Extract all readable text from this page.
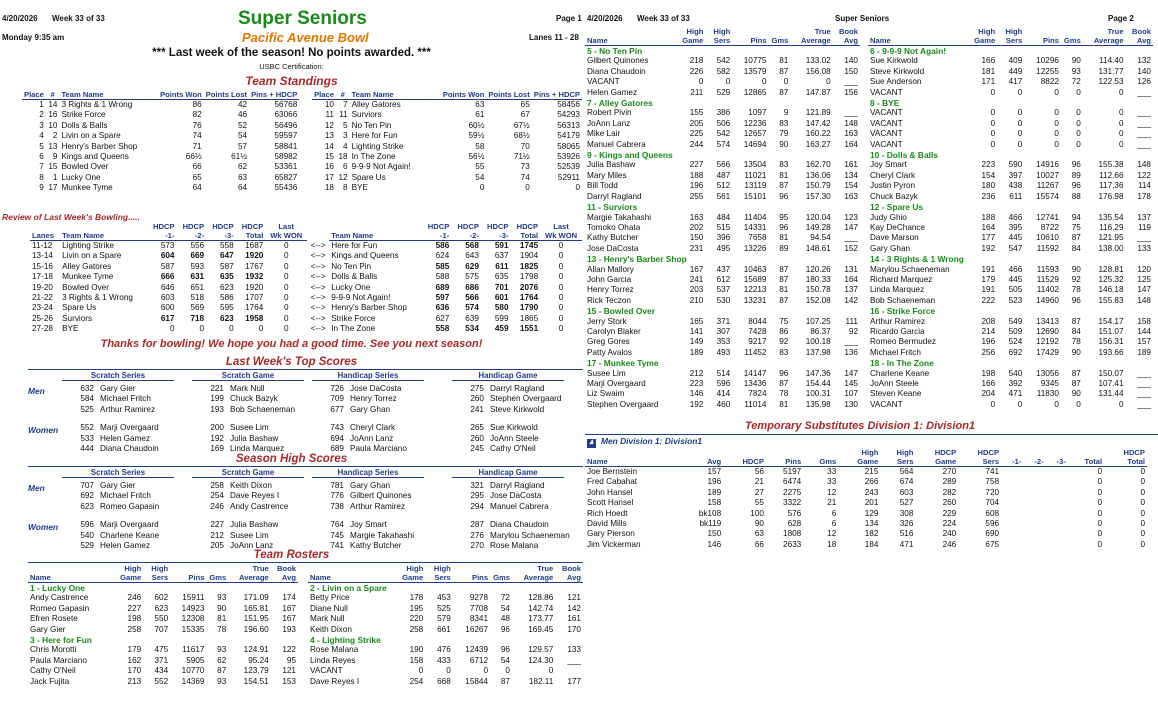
4/20/2026 Week 33 of 33	Super Seniors	Page 1
Monday 9:35 am	Pacific Avenue Bowl	Lanes 11 - 28
*** Last week of the season! No points awarded. ***
USBC Certification:
Team Standings
Place	#	Team Name	Points Won	Points Lost	Pins + HDCP		Place	#	Team Name	Points Won	Points Lost	Pins + HDCP
1	14	3 Rights & 1 Wrong	86	42	56768		10	7	Alley Gatores	63	65	58456
2	16	Strike Force	82	46	63066		11	11	Surviors	61	67	54293
3	10	Dolls & Balls	76	52	56496		12	5	No Ten Pin	60½	67½	56313
4	2	Livin on a Spare	74	54	59597		13	3	Here for Fun	59½	68½	54179
5	13	Henry's Barber Shop	71	57	58841		14	4	Lighting Strike	58	70	58065
6	9	Kings and Queens	66½	61½	58982		15	18	In The Zone	56½	71½	53926
7	15	Bowled Over	66	62	53361		16	6	9-9-9 Not Again!	55	73	52539
8	1	Lucky One	65	63	65827		17	12	Spare Us	54	74	52911
9	17	Munkee Tyme	64	64	55436		18	8	BYE	0	0	0
Review of Last Week's Bowling.....
Lanes	Team Name	HDCP
-1-	HDCP
-2-	HDCP
-3-	HDCP
Total	Last
Wk WON		Team Name	HDCP
-1-	HDCP
-2-	HDCP
-3-	HDCP
Total	Last
Wk WON
11-12	Lighting Strike	573	556	558	1687	0	<-->	Here for Fun	586	568	591	1745	0
13-14	Livin on a Spare	604	669	647	1920	0	<-->	Kings and Queens	624	643	637	1904	0
15-16	Alley Gatores	587	593	587	1767	0	<-->	No Ten Pin	585	629	611	1825	0
17-18	Munkee Tyme	666	631	635	1932	0	<-->	Dolls & Balls	588	575	635	1798	0
19-20	Bowled Over	646	651	623	1920	0	<-->	Lucky One	689	686	701	2076	0
21-22	3 Rights & 1 Wrong	603	518	586	1707	0	<-->	9-9-9 Not Again!	597	566	601	1764	0
23-24	Spare Us	600	569	595	1764	0	<-->	Henry's Barber Shop	636	574	580	1790	0
25-26	Surviors	617	718	623	1958	0	<-->	Strike Force	627	639	599	1865	0
27-28	BYE	0	0	0	0	0	<-->	In The Zone	558	534	459	1551	0
Thanks for bowling! We hope you had a good time. See you next season!
Last Week's Top Scores
Scratch Series	Scratch Game	Handicap Series	Handicap Game
Men	632 Gary Gier	221 Mark Null	726 Jose DaCosta	275 Darryl Ragland
584 Michael Fritch	199 Chuck Bazyk	709 Henry Torrez	260 Stephen Overgaard
525 Arthur Ramirez	193 Bob Schaeneman	677 Gary Ghan	241 Steve Kirkwold
Women	552 Marji Overgaard	200 Susee Lim	743 Cheryl Clark	265 Sue Kirkwold
533 Helen Gamez	192 Julia Bashaw	694 JoAnn Lanz	260 JoAnn Steele
444 Diana Chaudoin	169 Linda Marquez	689 Paula Marciano	245 Cathy O'Neil
Season High Scores
Scratch Series	Scratch Game	Handicap Series	Handicap Game
Men	707 Gary Gier	258 Keith Dixon	781 Gary Ghan	321 Darryl Ragland
692 Michael Fritch	254 Dave Reyes I	776 Gilbert Quinones	295 Jose DaCosta
623 Romeo Gapasin	246 Andy Castrence	738 Arthur Ramirez	294 Manuel Cabrera
Women	596 Marji Overgaard	227 Julia Bashaw	764 Joy Smart	287 Diana Chaudoin
540 Charlene Keane	212 Susee Lim	745 Margie Takahashi	276 Marylou Schaeneman
529 Helen Gamez	205 JoAnn Lanz	741 Kathy Butcher	270 Rose Malana
Team Rosters
Name	High
Game	High
Sers	Pins	Gms	True
Average	Book
Avg
1 - Lucky One						
Andy Castrence	246	602	15911	93	171.09	174
Romeo Gapasin	227	623	14923	90	165.81	167
Efren Rosete	198	550	12308	81	151.95	167
Gary Gier	258	707	15335	78	196.60	193
3 - Here for Fun						
Chris Morotti	179	475	11617	93	124.91	122
Paula Marciano	162	371	5905	62	95.24	95
Cathy O'Neil	170	434	10770	87	123.79	121
Jack Fujita	213	552	14369	93	154.51	153
Name	High
Game	High
Sers	Pins	Gms	True
Average	Book
Avg
2 - Livin on a Spare						
Betty Price	178	453	9278	72	128.86	121
Diane Null	195	525	7708	54	142.74	142
Mark Null	220	579	8341	48	173.77	161
Keith Dixon	258	661	16267	96	169.45	170
4 - Lighting Strike						
Rose Malana	190	476	12439	96	129.57	133
Linda Reyes	158	433	6712	54	124.30	___
VACANT	0	0	0	0	0	
Dave Reyes I	254	668	15844	87	182.11	177
4/20/2026 Week 33 of 33	Super Seniors	Page 2
Name	High
Game	High
Sers	Pins	Gms	True
Average	Book
Avg
5 - No Ten Pin						
Gilbert Quinones	218	542	10775	81	133.02	140
Diana Chaudoin	226	582	13579	87	156.08	150
VACANT	0	0	0	0	0	___
Helen Gamez	211	529	12865	87	147.87	156
7 - Alley Gatores						
Robert Pivin	155	386	1097	9	121.89	___
JoAnn Lanz	205	506	12236	83	147.42	148
Mike Lair	225	542	12657	79	160.22	163
Manuel Cabrera	244	574	14694	90	163.27	164
9 - Kings and Queens						
Julia Bashaw	227	566	13504	83	162.70	161
Mary Miles	188	487	11021	81	136.06	134
Bill Todd	196	512	13119	87	150.79	154
Darryl Ragland	255	561	15101	96	157.30	163
11 - Surviors						
Margie Takahashi	163	484	11404	95	120.04	123
Tomoko Ohata	202	515	14331	96	149.28	147
Kathy Butcher	150	396	7658	81	94.54	___
Jose DaCosta	231	495	13226	89	148.61	152
13 - Henry's Barber Shop						
Allan Mallory	167	437	10463	87	120.26	131
John Garcia	241	612	15689	87	180.33	164
Henry Torrez	203	537	12213	81	150.78	137
Rick Teczon	210	530	13231	87	152.08	142
15 - Bowled Over						
Jerry Stork	165	371	8044	75	107.25	111
Carolyn Blaker	141	307	7428	86	86.37	92
Greg Gores	149	353	9217	92	100.18	___
Patty Avalos	189	493	11452	83	137.98	136
17 - Munkee Tyme						
Susee Lim	212	514	14147	96	147.36	147
Marji Overgaard	223	596	13436	87	154.44	145
Liz Swaim	146	414	7824	78	100.31	107
Stephen Overgaard	192	460	11014	81	135.98	130
Name	High
Game	High
Sers	Pins	Gms	True
Average	Book
Avg
6 - 9-9-9 Not Again!						
Sue Kirkwold	166	409	10296	90	114.40	132
Steve Kirkwold	181	449	12255	93	131.77	140
Sue Anderson	171	417	8822	72	122.53	126
VACANT	0	0	0	0	0	___
8 - BYE						
VACANT	0	0	0	0	0	___
VACANT	0	0	0	0	0	___
VACANT	0	0	0	0	0	___
VACANT	0	0	0	0	0	___
10 - Dolls & Balls						
Joy Smart	223	590	14916	96	155.38	148
Cheryl Clark	154	397	10027	89	112.66	122
Justin Pyron	180	438	11267	96	117.36	114
Chuck Bazyk	236	611	15574	88	176.98	178
12 - Spare Us						
Judy Ghio	188	466	12741	94	135.54	137
Kay DeChance	164	395	8722	75	116.29	119
Dave Marson	177	445	10610	87	121.95	___
Gary Ghan	192	547	11592	84	138.00	133
14 - 3 Rights & 1 Wrong						
Marylou Schaeneman	191	466	11593	90	128.81	120
Richard Marquez	179	445	11529	92	125.32	125
Linda Marquez	191	505	11402	78	146.18	147
Bob Schaeneman	222	523	14960	96	155.83	148
16 - Strike Force						
Arthur Ramirez	208	549	13413	87	154.17	158
Ricardo Garcia	214	509	12690	84	151.07	144
Romeo Bermudez	196	524	12192	78	156.31	157
Michael Fritch	256	692	17429	90	193.66	189
18 - In The Zone						
Charlene Keane	198	540	13056	87	150.07	___
JoAnn Steele	166	392	9345	87	107.41	___
Steven Keane	204	471	11830	90	131.44	___
VACANT	0	0	0	0	0	___
Temporary Substitutes Division 1: Division1
♟ Men Division 1: Division1
Name	Avg	HDCP	Pins	Gms	High
Game	High
Sers	HDCP
Game	HDCP
Sers	-1-	-2-	-3-	Total	HDCP
Total
Joe Bernstein	157	56	5197	33	215	564	270	741				0	0
Fred Cabahat	196	21	6474	33	266	674	289	758				0	0
John Hansel	189	27	2275	12	243	603	282	720				0	0
Scott Hansel	158	55	3322	21	201	527	260	704				0	0
Rich Hoedt	bk108	100	576	6	129	308	229	608				0	0
David Mills	bk119	90	628	6	134	326	224	596				0	0
Gary Pierson	150	63	1808	12	182	516	240	690				0	0
Jim Vickerman	146	66	2633	18	184	471	246	675				0	0
